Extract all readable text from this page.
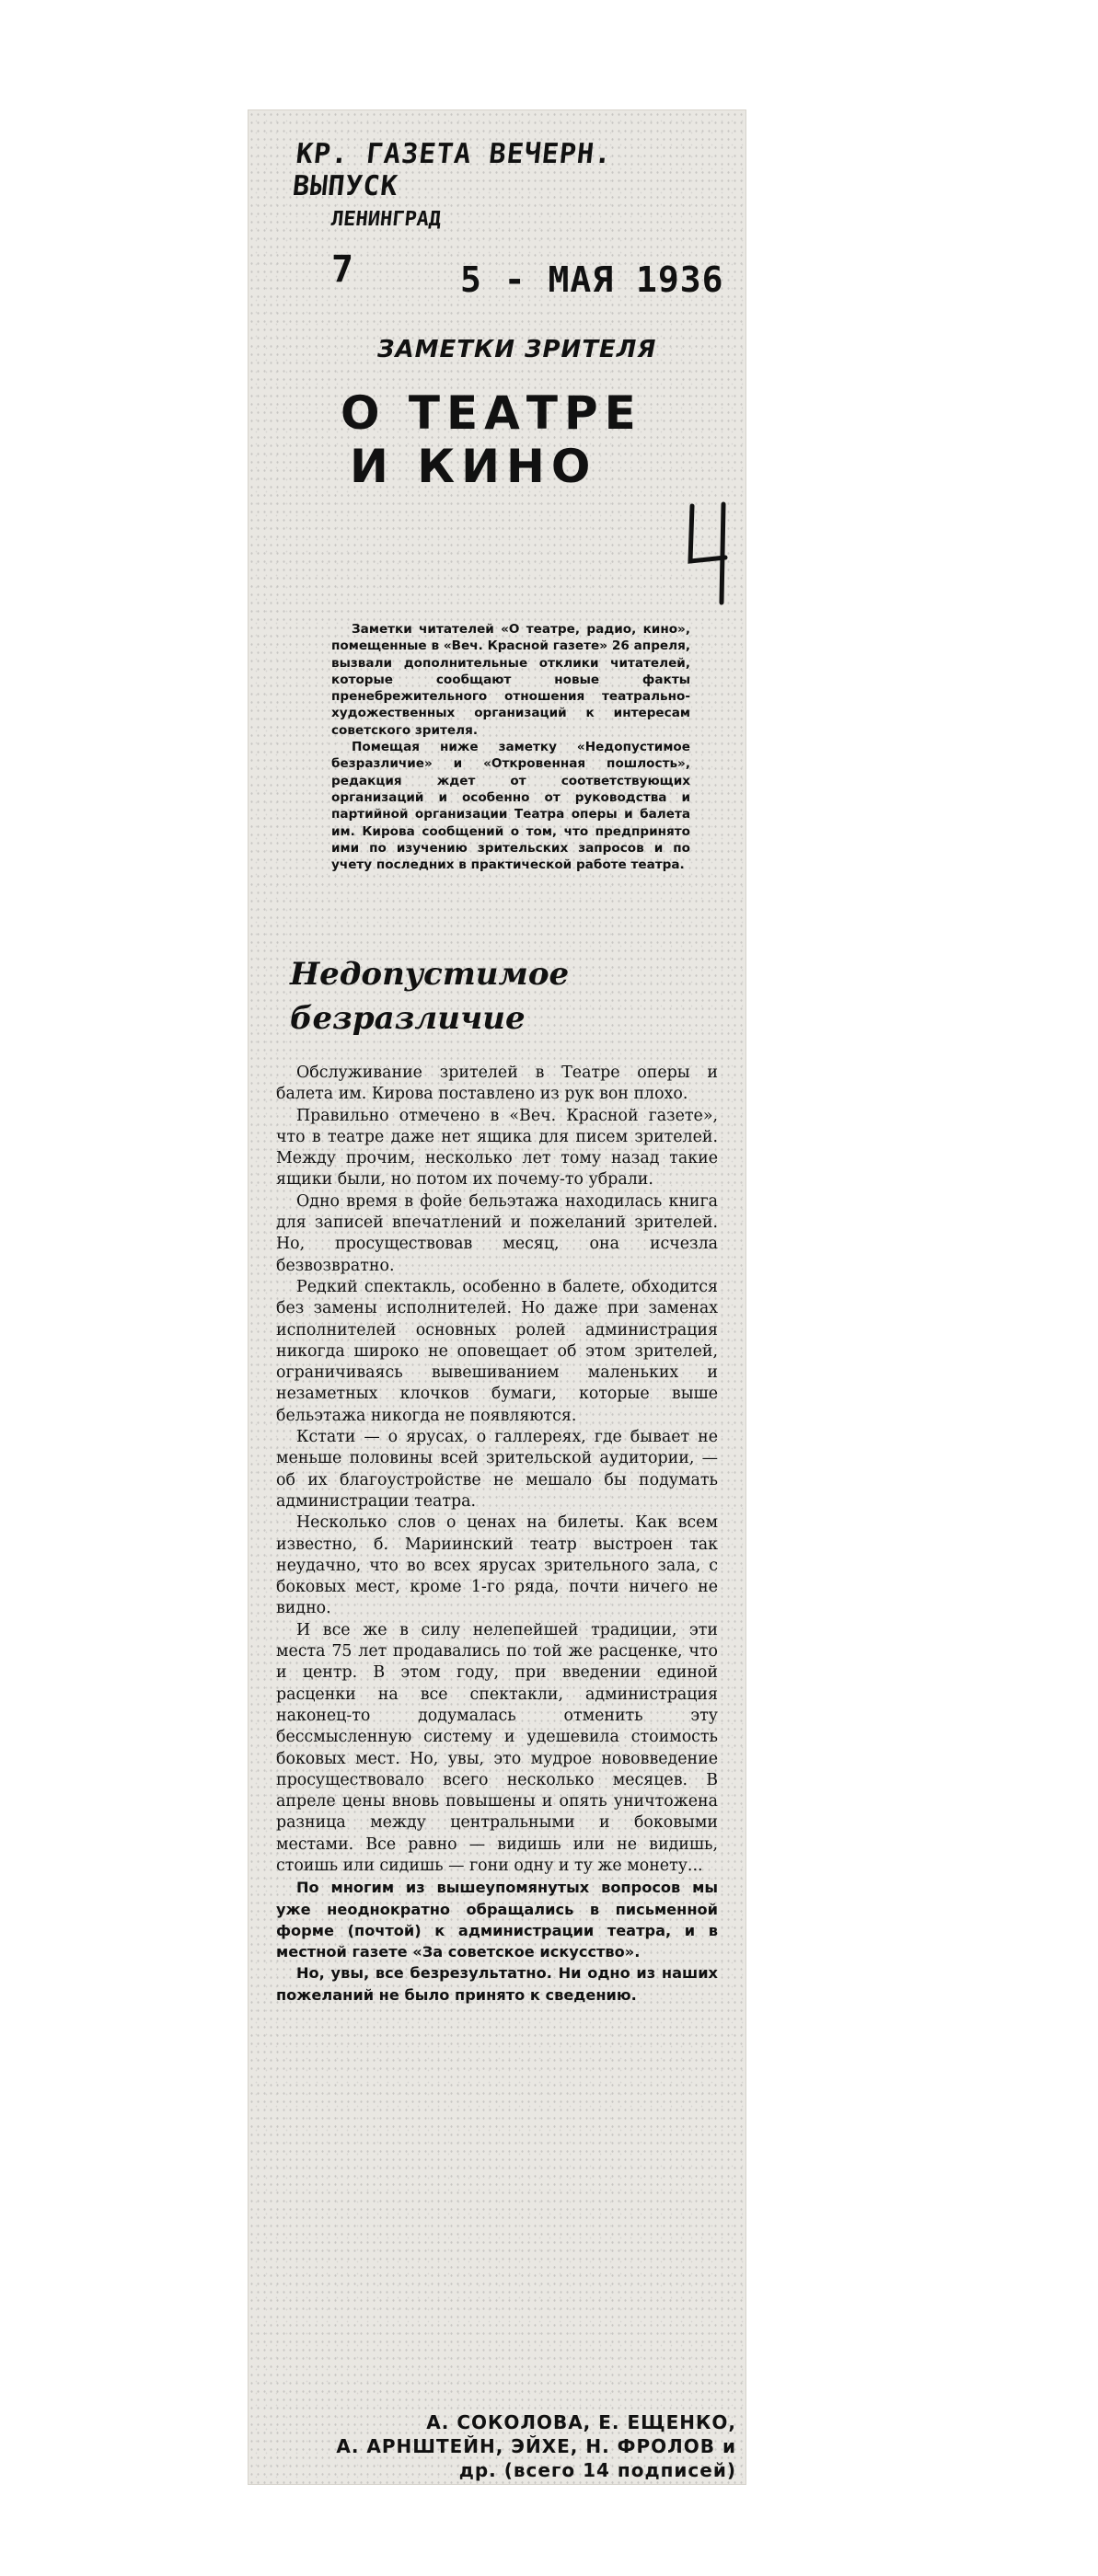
КР. ГАЗЕТА ВЕЧЕРН. ВЫПУСК
ЛЕНИНГРАД
7	5 - МАЯ 1936
ЗАМЕТКИ ЗРИТЕЛЯ
О ТЕАТРЕ
И КИНО

Заметки читателей «О театре, радио, кино», помещенные в «Веч. Красной газете» 26 апреля, вызвали дополнительные отклики читателей, которые сообщают новые факты пренебрежительного отношения театрально-художественных организаций к интересам советского зрителя.

Помещая ниже заметку «Недопустимое безразличие» и «Откровенная пошлость», редакция ждет от соответствующих организаций и особенно от руководства и партийной организации Театра оперы и балета им. Кирова сообщений о том, что предпринято ими по изучению зрительских запросов и по учету последних в практической работе театра.

Недопустимое
безразличие

Обслуживание зрителей в Театре оперы и балета им. Кирова поставлено из рук вон плохо.

Правильно отмечено в «Веч. Красной газете», что в театре даже нет ящика для писем зрителей. Между прочим, несколько лет тому назад такие ящики были, но потом их почему-то убрали.

Одно время в фойе бельэтажа находилась книга для записей впечатлений и пожеланий зрителей. Но, просуществовав месяц, она исчезла безвозвратно.

Редкий спектакль, особенно в балете, обходится без замены исполнителей. Но даже при заменах исполнителей основных ролей администрация никогда широко не оповещает об этом зрителей, ограничиваясь вывешиванием маленьких и незаметных клочков бумаги, которые выше бельэтажа никогда не появляются.

Кстати — о ярусах, о галлереях, где бывает не меньше половины всей зрительской аудитории, — об их благоустройстве не мешало бы подумать администрации театра.

Несколько слов о ценах на билеты. Как всем известно, б. Мариинский театр выстроен так неудачно, что во всех ярусах зрительного зала, с боковых мест, кроме 1-го ряда, почти ничего не видно.

И все же в силу нелепейшей традиции, эти места 75 лет продавались по той же расценке, что и центр. В этом году, при введении единой расценки на все спектакли, администрация наконец-то додумалась отменить эту бессмысленную систему и удешевила стоимость боковых мест. Но, увы, это мудрое нововведение просуществовало всего несколько месяцев. В апреле цены вновь повышены и опять уничтожена разница между центральными и боковыми местами. Все равно — видишь или не видишь, стоишь или сидишь — гони одну и ту же монету...

По многим из вышеупомянутых вопросов мы уже неоднократно обращались в письменной форме (почтой) к администрации театра, и в местной газете «За советское искусство».

Но, увы, все безрезультатно. Ни одно из наших пожеланий не было принято к сведению.

А. СОКОЛОВА, Е. ЕЩЕНКО,
А. АРНШТЕЙН, ЭЙХЕ, Н. ФРОЛОВ и др. (всего 14 подписей)
